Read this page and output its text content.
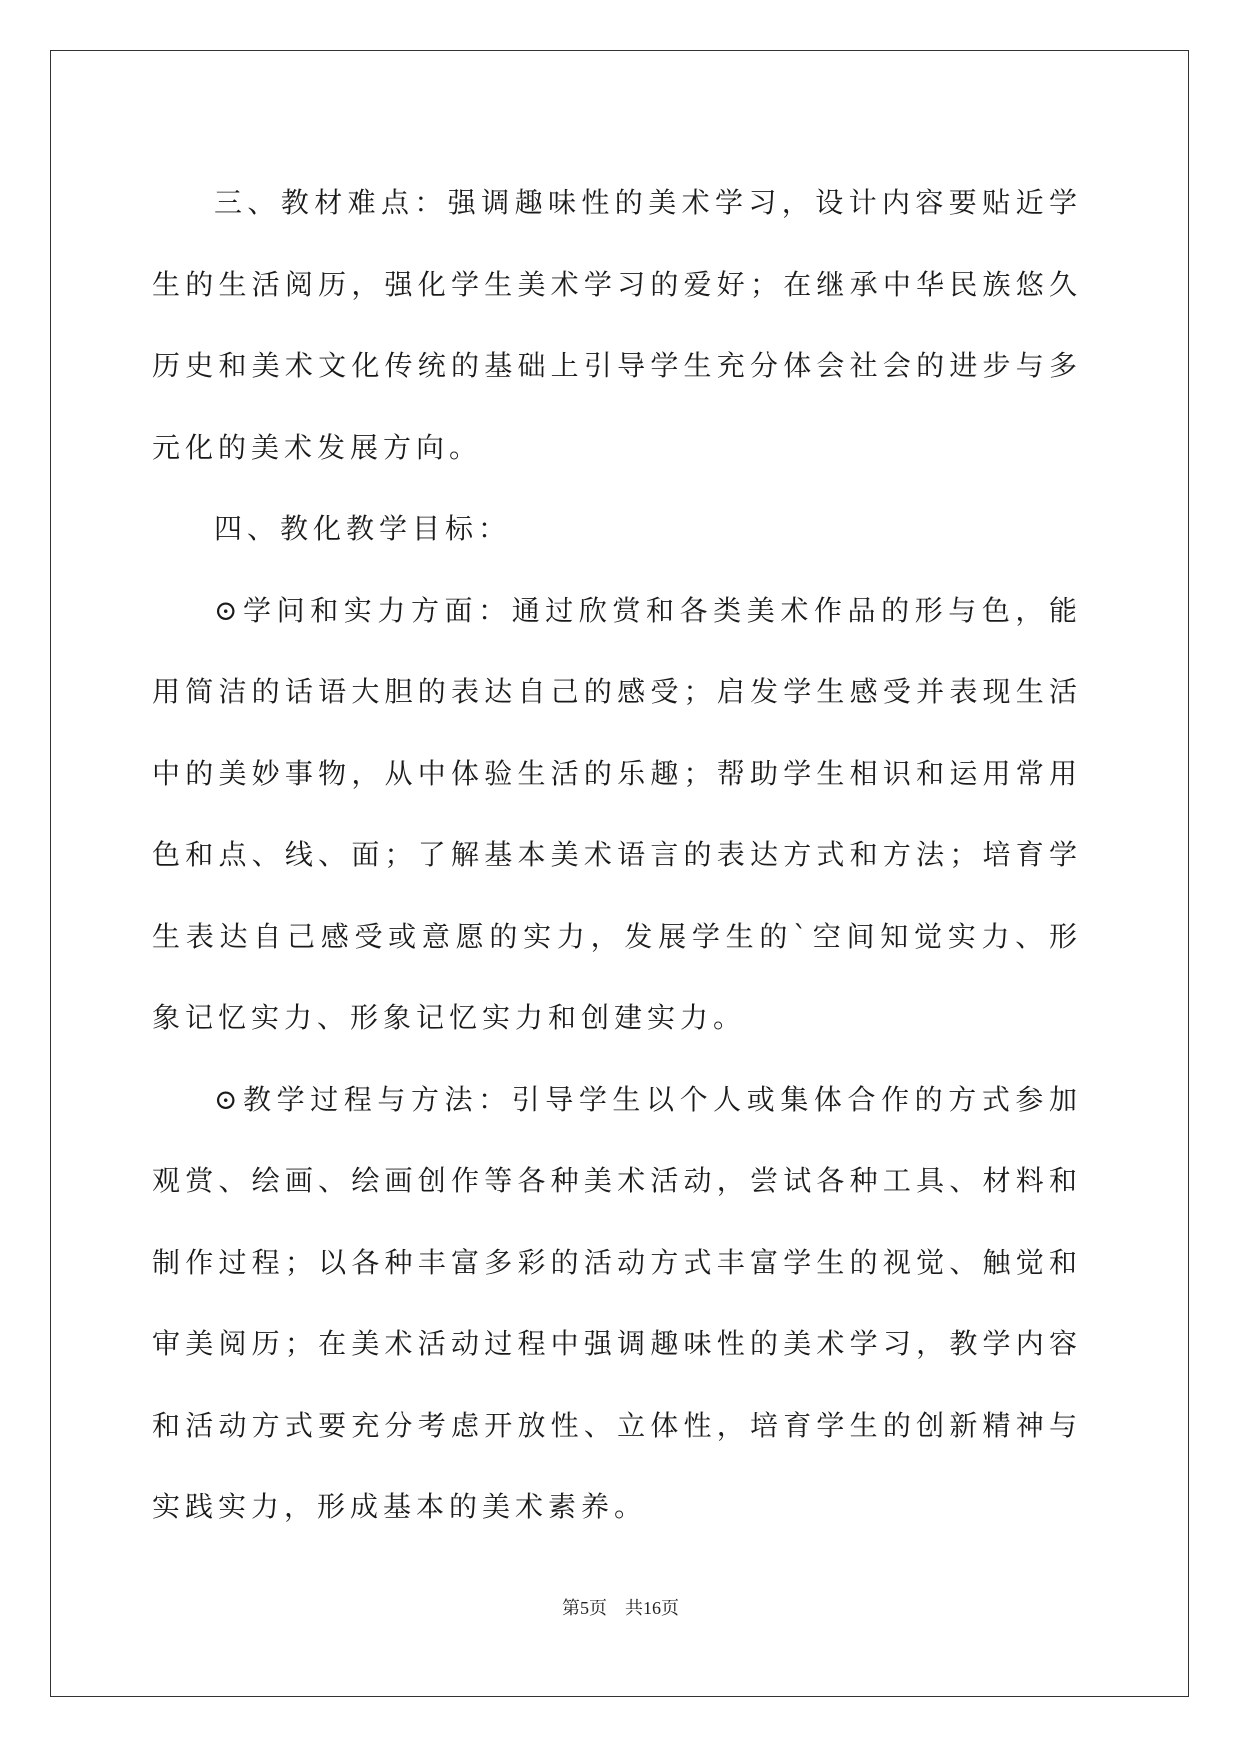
三、教材难点：强调趣味性的美术学习，设计内容要贴近学生的生活阅历，强化学生美术学习的爱好；在继承中华民族悠久历史和美术文化传统的基础上引导学生充分体会社会的进步与多元化的美术发展方向。

四、教化教学目标：

⊙学问和实力方面：通过欣赏和各类美术作品的形与色，能用简洁的话语大胆的表达自己的感受；启发学生感受并表现生活中的美妙事物，从中体验生活的乐趣；帮助学生相识和运用常用色和点、线、面；了解基本美术语言的表达方式和方法；培育学生表达自己感受或意愿的实力，发展学生的`空间知觉实力、形象记忆实力、形象记忆实力和创建实力。

⊙教学过程与方法：引导学生以个人或集体合作的方式参加观赏、绘画、绘画创作等各种美术活动，尝试各种工具、材料和制作过程；以各种丰富多彩的活动方式丰富学生的视觉、触觉和审美阅历；在美术活动过程中强调趣味性的美术学习，教学内容和活动方式要充分考虑开放性、立体性，培育学生的创新精神与实践实力，形成基本的美术素养。

第5页 共16页
